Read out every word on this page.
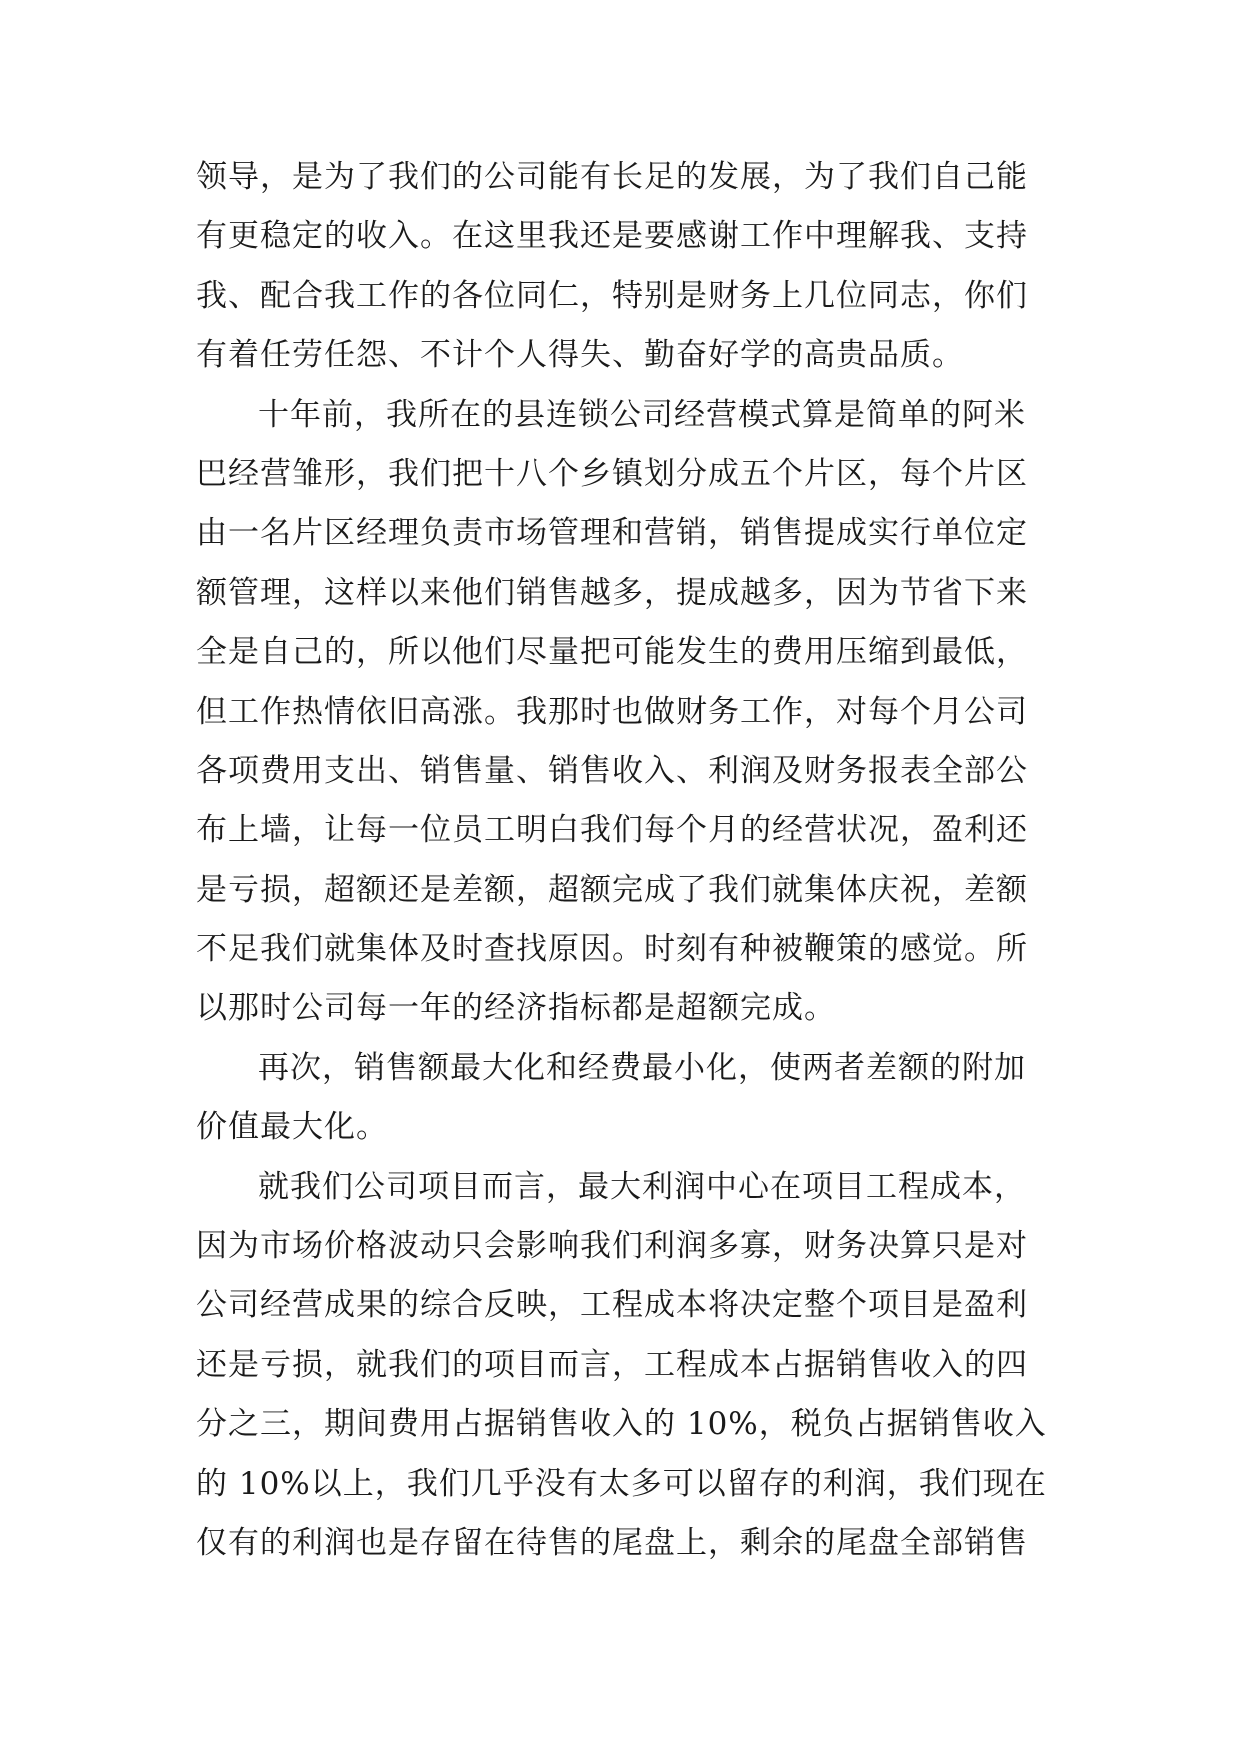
领导，是为了我们的公司能有长足的发展，为了我们自己能
有更稳定的收入。在这里我还是要感谢工作中理解我、支持
我、配合我工作的各位同仁，特别是财务上几位同志，你们
有着任劳任怨、不计个人得失、勤奋好学的高贵品质。
十年前，我所在的县连锁公司经营模式算是简单的阿米
巴经营雏形，我们把十八个乡镇划分成五个片区，每个片区
由一名片区经理负责市场管理和营销，销售提成实行单位定
额管理，这样以来他们销售越多，提成越多，因为节省下来
全是自己的，所以他们尽量把可能发生的费用压缩到最低，
但工作热情依旧高涨。我那时也做财务工作，对每个月公司
各项费用支出、销售量、销售收入、利润及财务报表全部公
布上墙，让每一位员工明白我们每个月的经营状况，盈利还
是亏损，超额还是差额，超额完成了我们就集体庆祝，差额
不足我们就集体及时查找原因。时刻有种被鞭策的感觉。所
以那时公司每一年的经济指标都是超额完成。
再次，销售额最大化和经费最小化，使两者差额的附加
价值最大化。
就我们公司项目而言，最大利润中心在项目工程成本，
因为市场价格波动只会影响我们利润多寡，财务决算只是对
公司经营成果的综合反映，工程成本将决定整个项目是盈利
还是亏损，就我们的项目而言，工程成本占据销售收入的四
分之三，期间费用占据销售收入的 10%，税负占据销售收入
的 10%以上，我们几乎没有太多可以留存的利润，我们现在
仅有的利润也是存留在待售的尾盘上，剩余的尾盘全部销售
